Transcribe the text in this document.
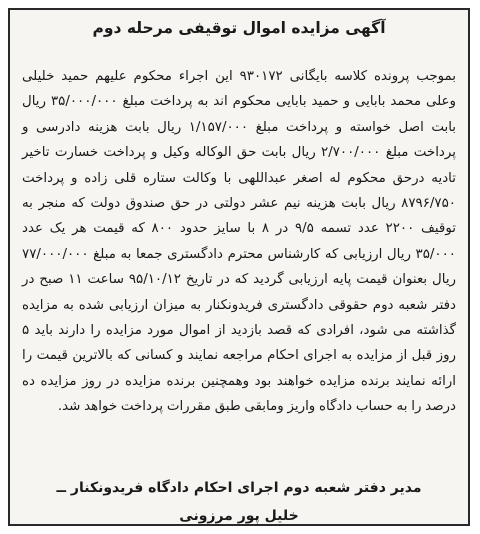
آگهی مزایده اموال توقیفی مرحله دوم
بموجب پرونده کلاسه بایگانی ۹۳۰۱۷۲ این اجراء محکوم علیهم حمید خلیلی وعلی محمد بابایی و حمید بابایی محکوم اند به پرداخت مبلغ ۳۵/۰۰۰/۰۰۰ ریال بابت اصل خواسته و پرداخت مبلغ ۱/۱۵۷/۰۰۰ ریال بابت هزینه دادرسی و پرداخت مبلغ ۲/۷۰۰/۰۰۰ ریال بابت حق الوکاله وکیل و پرداخت خسارت تاخیر تادیه درحق محکوم له اصغر عبداللهی با وکالت ستاره قلی زاده و پرداخت ۸۷۹۶/۷۵۰ ریال بابت هزینه نیم عشر دولتی در حق صندوق دولت که منجر به توقیف ۲۲۰۰ عدد تسمه ۹/۵ در ۸ با سایز حدود ۸۰۰ که قیمت هر یک عدد ۳۵/۰۰۰ ریال ارزیابی که کارشناس محترم دادگستری جمعا به مبلغ ۷۷/۰۰۰/۰۰۰ ریال بعنوان قیمت پایه ارزیابی گردید که در تاریخ ۹۵/۱۰/۱۲ ساعت ۱۱ صبح در دفتر شعبه دوم حقوقی دادگستری فریدونکنار به میزان ارزیابی شده به مزایده گذاشته می شود، افرادی که قصد بازدید از اموال مورد مزایده را دارند باید ۵ روز قبل از مزایده به اجرای احکام مراجعه نمایند و کسانی که بالاترین قیمت را ارائه نمایند برنده مزایده خواهند بود وهمچنین برنده مزایده در روز مزایده ده درصد را به حساب دادگاه واریز ومابقی طبق مقررات پرداخت خواهد شد.
مدیر دفتر شعبه دوم اجرای احکام دادگاه فریدونکنار ــ
خلیل پور مرزونی
